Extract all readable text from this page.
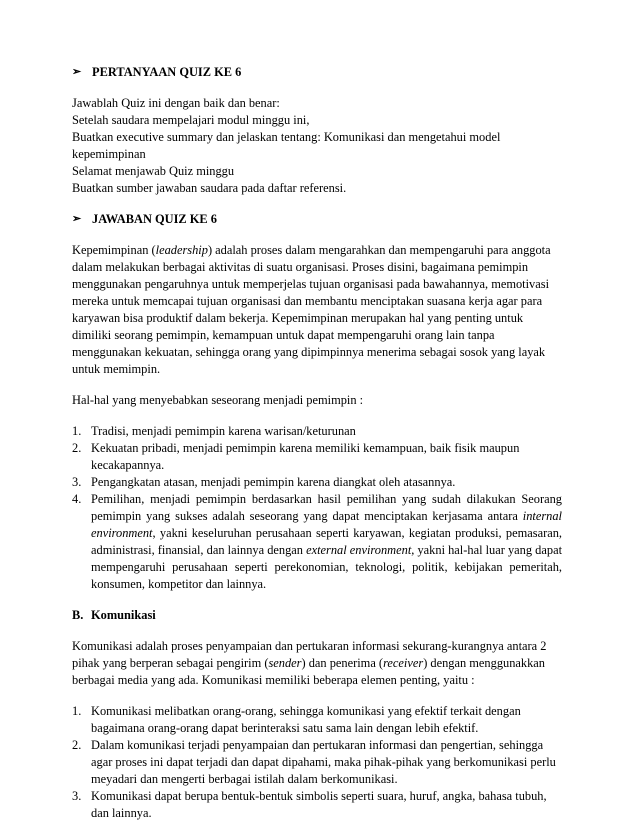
➢ PERTANYAAN QUIZ KE 6

Jawablah Quiz ini dengan baik dan benar:

Setelah saudara mempelajari modul minggu ini,

Buatkan executive summary dan jelaskan tentang: Komunikasi dan mengetahui model kepemimpinan

Selamat menjawab Quiz minggu

Buatkan sumber jawaban saudara pada daftar referensi.

➢ JAWABAN QUIZ KE 6

Kepemimpinan (leadership) adalah proses dalam mengarahkan dan mempengaruhi para anggota dalam melakukan berbagai aktivitas di suatu organisasi. Proses disini, bagaimana pemimpin menggunakan pengaruhnya untuk memperjelas tujuan organisasi pada bawahannya, memotivasi mereka untuk memcapai tujuan organisasi dan membantu menciptakan suasana kerja agar para karyawan bisa produktif dalam bekerja. Kepemimpinan merupakan hal yang penting untuk dimiliki seorang pemimpin, kemampuan untuk dapat mempengaruhi orang lain tanpa menggunakan kekuatan, sehingga orang yang dipimpinnya menerima sebagai sosok yang layak untuk memimpin.

Hal-hal yang menyebabkan seseorang menjadi pemimpin :

1. Tradisi, menjadi pemimpin karena warisan/keturunan
2. Kekuatan pribadi, menjadi pemimpin karena memiliki kemampuan, baik fisik maupun kecakapannya.
3. Pengangkatan atasan, menjadi pemimpin karena diangkat oleh atasannya.
4. Pemilihan, menjadi pemimpin berdasarkan hasil pemilihan yang sudah dilakukan Seorang pemimpin yang sukses adalah seseorang yang dapat menciptakan kerjasama antara internal environment, yakni keseluruhan perusahaan seperti karyawan, kegiatan produksi, pemasaran, administrasi, finansial, dan lainnya dengan external environment, yakni hal-hal luar yang dapat mempengaruhi perusahaan seperti perekonomian, teknologi, politik, kebijakan pemeritah, konsumen, kompetitor dan lainnya.
B. Komunikasi

Komunikasi adalah proses penyampaian dan pertukaran informasi sekurang-kurangnya antara 2 pihak yang berperan sebagai pengirim (sender) dan penerima (receiver) dengan menggunakkan berbagai media yang ada. Komunikasi memiliki beberapa elemen penting, yaitu :

1. Komunikasi melibatkan orang-orang, sehingga komunikasi yang efektif terkait dengan bagaimana orang-orang dapat berinteraksi satu sama lain dengan lebih efektif.
2. Dalam komunikasi terjadi penyampaian dan pertukaran informasi dan pengertian, sehingga agar proses ini dapat terjadi dan dapat dipahami, maka pihak-pihak yang berkomunikasi perlu meyadari dan mengerti berbagai istilah dalam berkomunikasi.
3. Komunikasi dapat berupa bentuk-bentuk simbolis seperti suara, huruf, angka, bahasa tubuh, dan lainnya.
